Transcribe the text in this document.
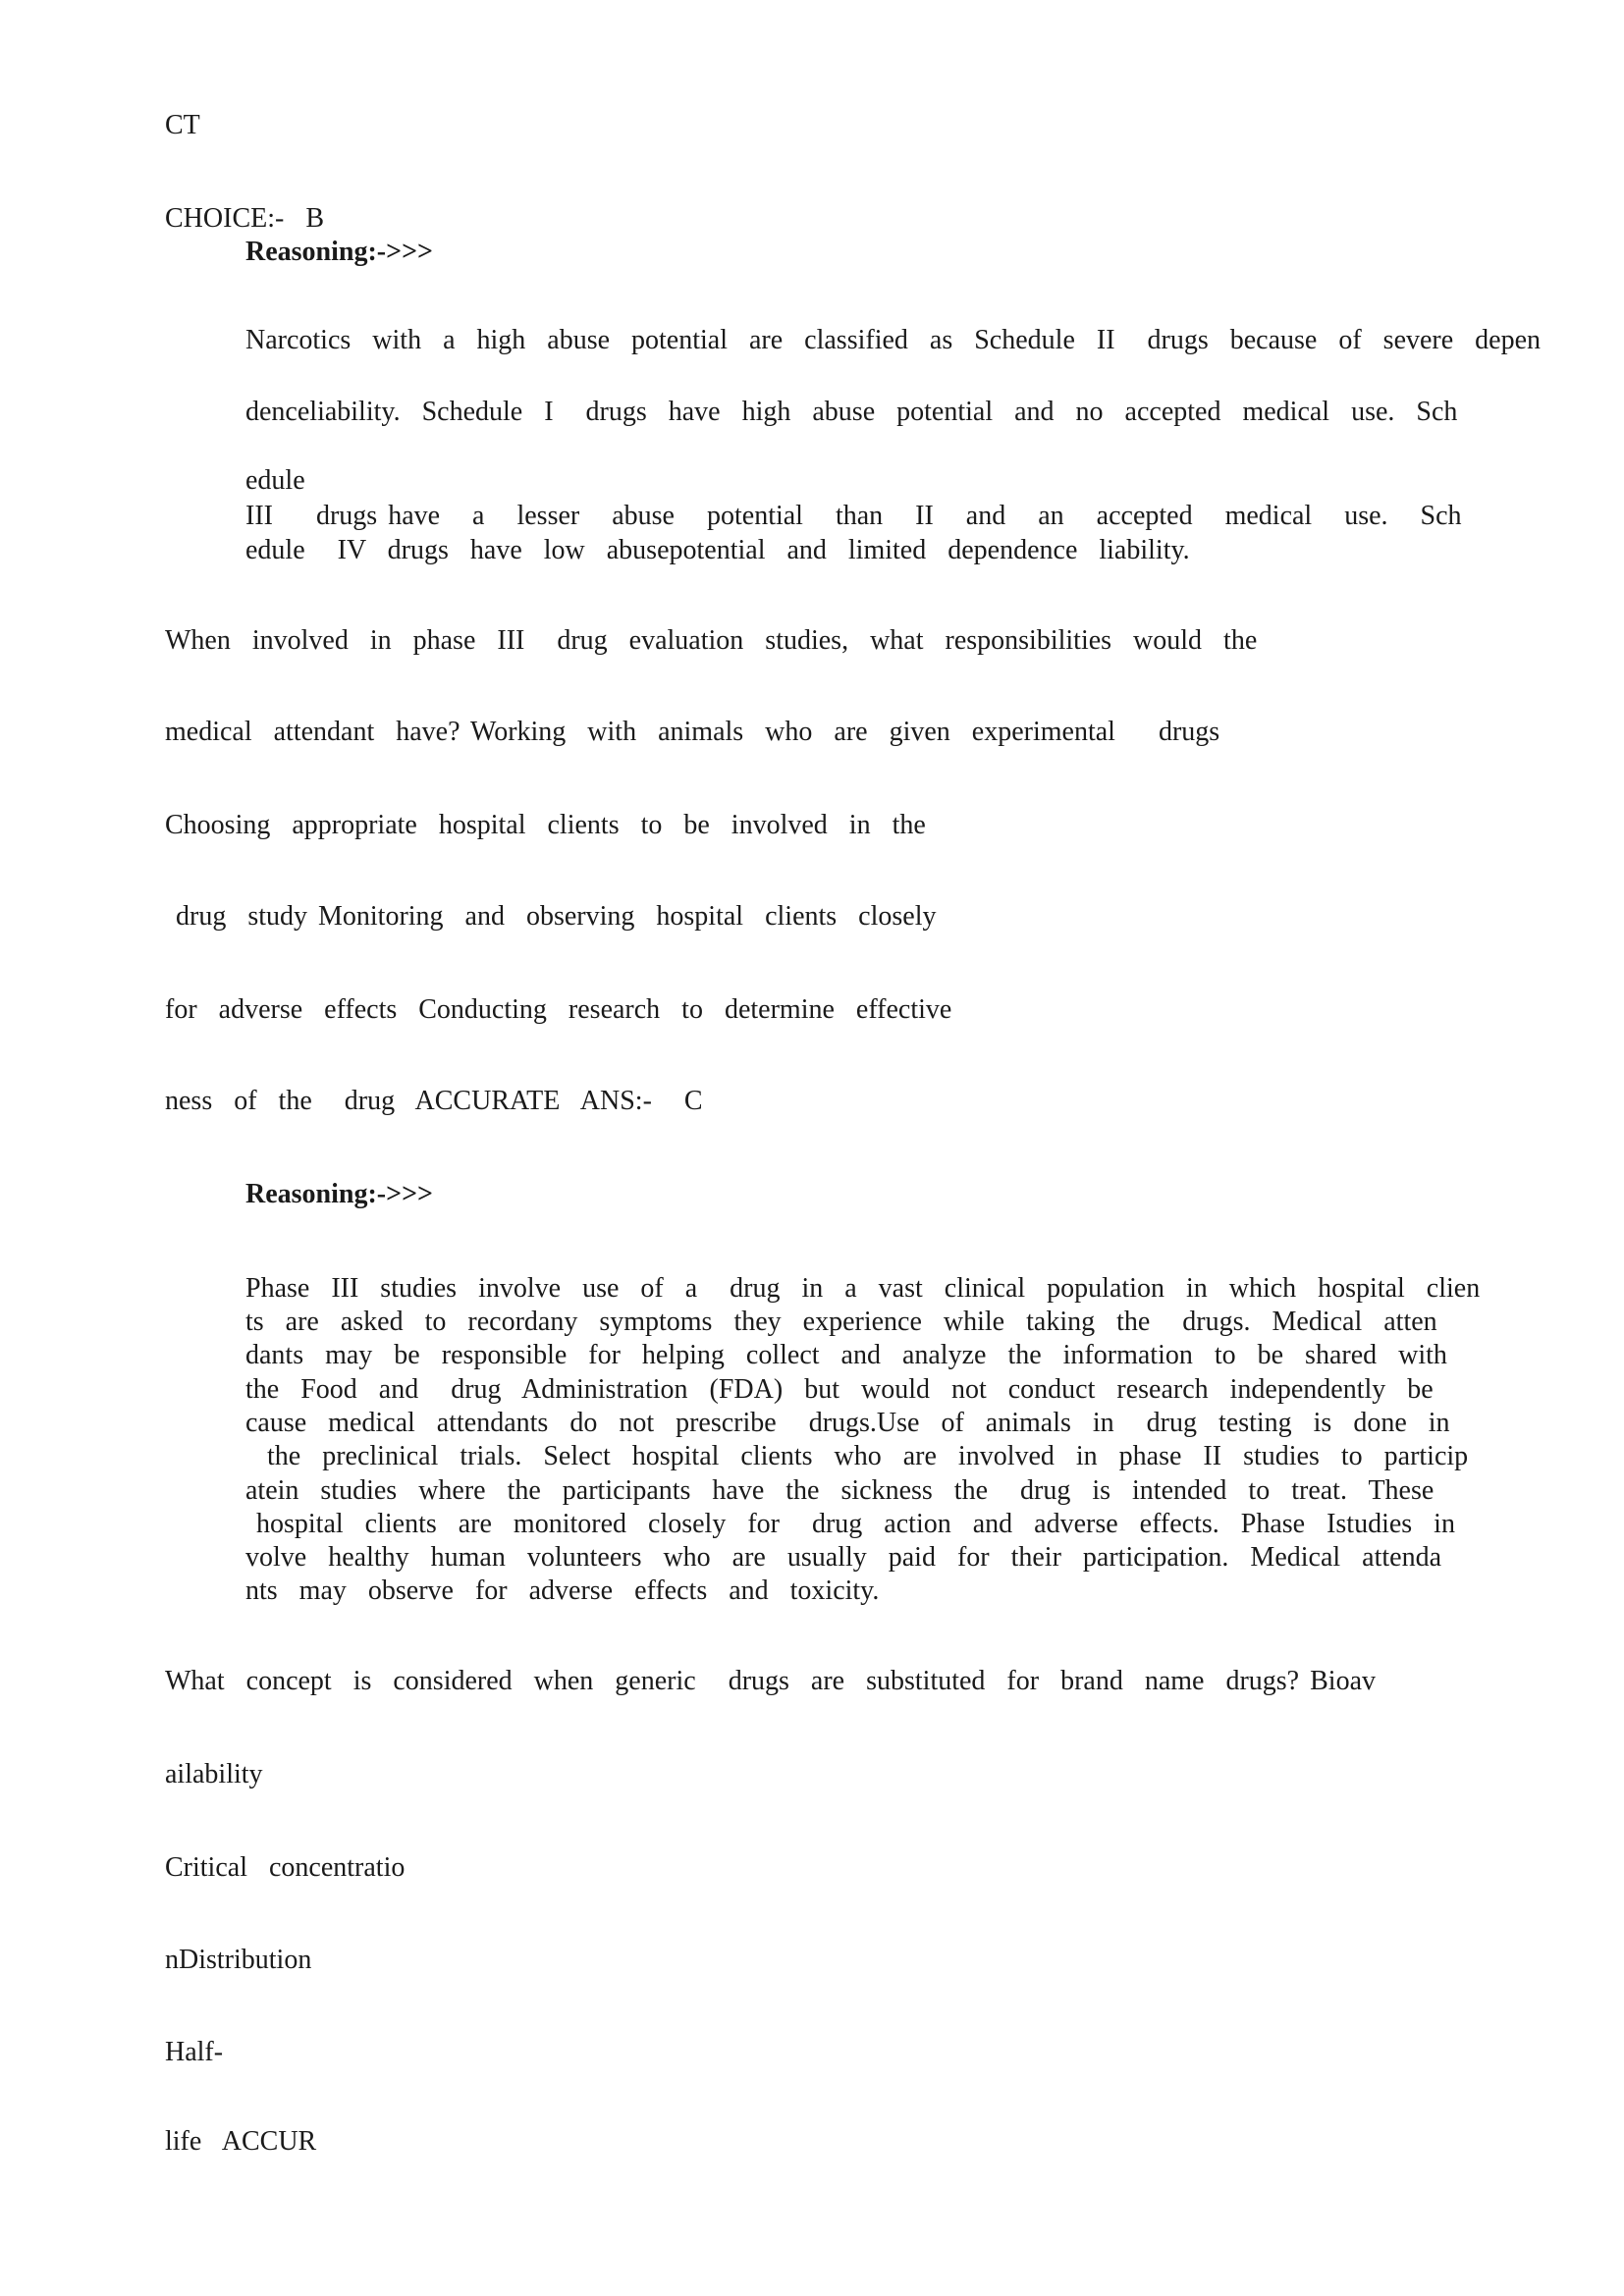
CT
CHOICE:-  B
Reasoning:->>>
Narcotics  with  a  high  abuse  potential  are  classified  as  Schedule  II   drugs  because  of  severe  depen
denceliability.  Schedule  I   drugs  have  high  abuse  potential  and  no  accepted  medical  use.  Sch
edule
III    drugs have   a   lesser   abuse   potential   than   II   and   an   accepted   medical   use.   Sch
edule   IV  drugs  have  low  abusepotential  and  limited  dependence  liability.
When  involved  in  phase  III   drug  evaluation  studies,  what  responsibilities  would  the
medical  attendant  have? Working  with  animals  who  are  given  experimental    drugs
Choosing  appropriate  hospital  clients  to  be  involved  in  the
drug  study Monitoring  and  observing  hospital  clients  closely
for  adverse  effects  Conducting  research  to  determine  effective
ness  of  the   drug  ACCURATE  ANS:-   C
Reasoning:->>>
Phase  III  studies  involve  use  of  a   drug  in  a  vast  clinical  population  in  which  hospital  clien
ts  are  asked  to  recordany  symptoms  they  experience  while  taking  the   drugs.  Medical  atten
dants  may  be  responsible  for  helping  collect  and  analyze  the  information  to  be  shared  with
the  Food  and   drug  Administration  (FDA)  but  would  not  conduct  research  independently  be
cause  medical  attendants  do  not  prescribe   drugs.Use  of  animals  in   drug  testing  is  done  in
the  preclinical  trials.  Select  hospital  clients  who  are  involved  in  phase  II  studies  to  particip
atein  studies  where  the  participants  have  the  sickness  the   drug  is  intended  to  treat.  These
hospital  clients  are  monitored  closely  for   drug  action  and  adverse  effects.  Phase  Istudies  in
volve  healthy  human  volunteers  who  are  usually  paid  for  their  participation.  Medical  attenda
nts  may  observe  for  adverse  effects  and  toxicity.
What  concept  is  considered  when  generic   drugs  are  substituted  for  brand  name  drugs? Bioav
ailability
Critical  concentratio
nDistribution
Half-
life  ACCUR
